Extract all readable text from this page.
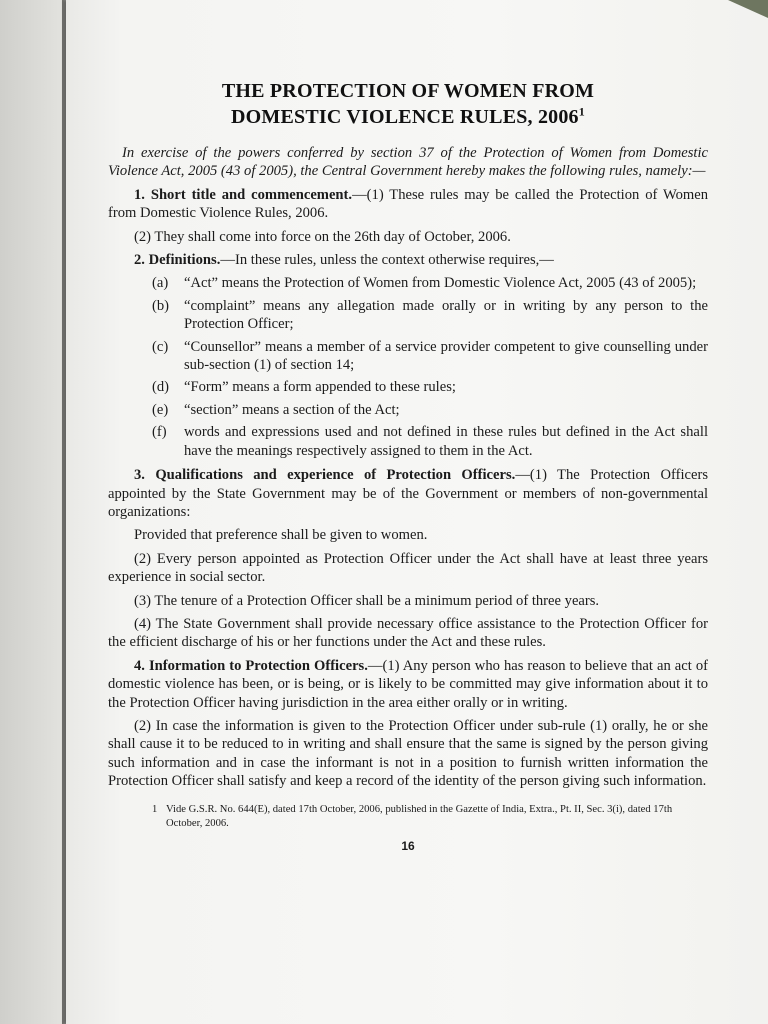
THE PROTECTION OF WOMEN FROM
DOMESTIC VIOLENCE RULES, 2006$^1$

In exercise of the powers conferred by section 37 of the Protection of Women from Domestic Violence Act, 2005 (43 of 2005), the Central Government hereby makes the following rules, namely:—

1. Short title and commencement.—(1) These rules may be called the Protection of Women from Domestic Violence Rules, 2006.

(2) They shall come into force on the 26th day of October, 2006.

2. Definitions.—In these rules, unless the context otherwise requires,—

(a)	“Act” means the Protection of Women from Domestic Violence Act, 2005 (43 of 2005);
(b)	“complaint” means any allegation made orally or in writing by any person to the Protection Officer;
(c)	“Counsellor” means a member of a service provider competent to give counselling under sub-section (1) of section 14;
(d)	“Form” means a form appended to these rules;
(e)	“section” means a section of the Act;
(f)	words and expressions used and not defined in these rules but defined in the Act shall have the meanings respectively assigned to them in the Act.

3. Qualifications and experience of Protection Officers.—(1) The Protection Officers appointed by the State Government may be of the Government or members of non-governmental organizations:

Provided that preference shall be given to women.

(2) Every person appointed as Protection Officer under the Act shall have at least three years experience in social sector.

(3) The tenure of a Protection Officer shall be a minimum period of three years.

(4) The State Government shall provide necessary office assistance to the Protection Officer for the efficient discharge of his or her functions under the Act and these rules.

4. Information to Protection Officers.—(1) Any person who has reason to believe that an act of domestic violence has been, or is being, or is likely to be committed may give information about it to the Protection Officer having jurisdiction in the area either orally or in writing.

(2) In case the information is given to the Protection Officer under sub-rule (1) orally, he or she shall cause it to be reduced to in writing and shall ensure that the same is signed by the person giving such information and in case the informant is not in a position to furnish written information the Protection Officer shall satisfy and keep a record of the identity of the person giving such information.

1 Vide G.S.R. No. 644(E), dated 17th October, 2006, published in the Gazette of India, Extra., Pt. II, Sec. 3(i), dated 17th October, 2006.

16
